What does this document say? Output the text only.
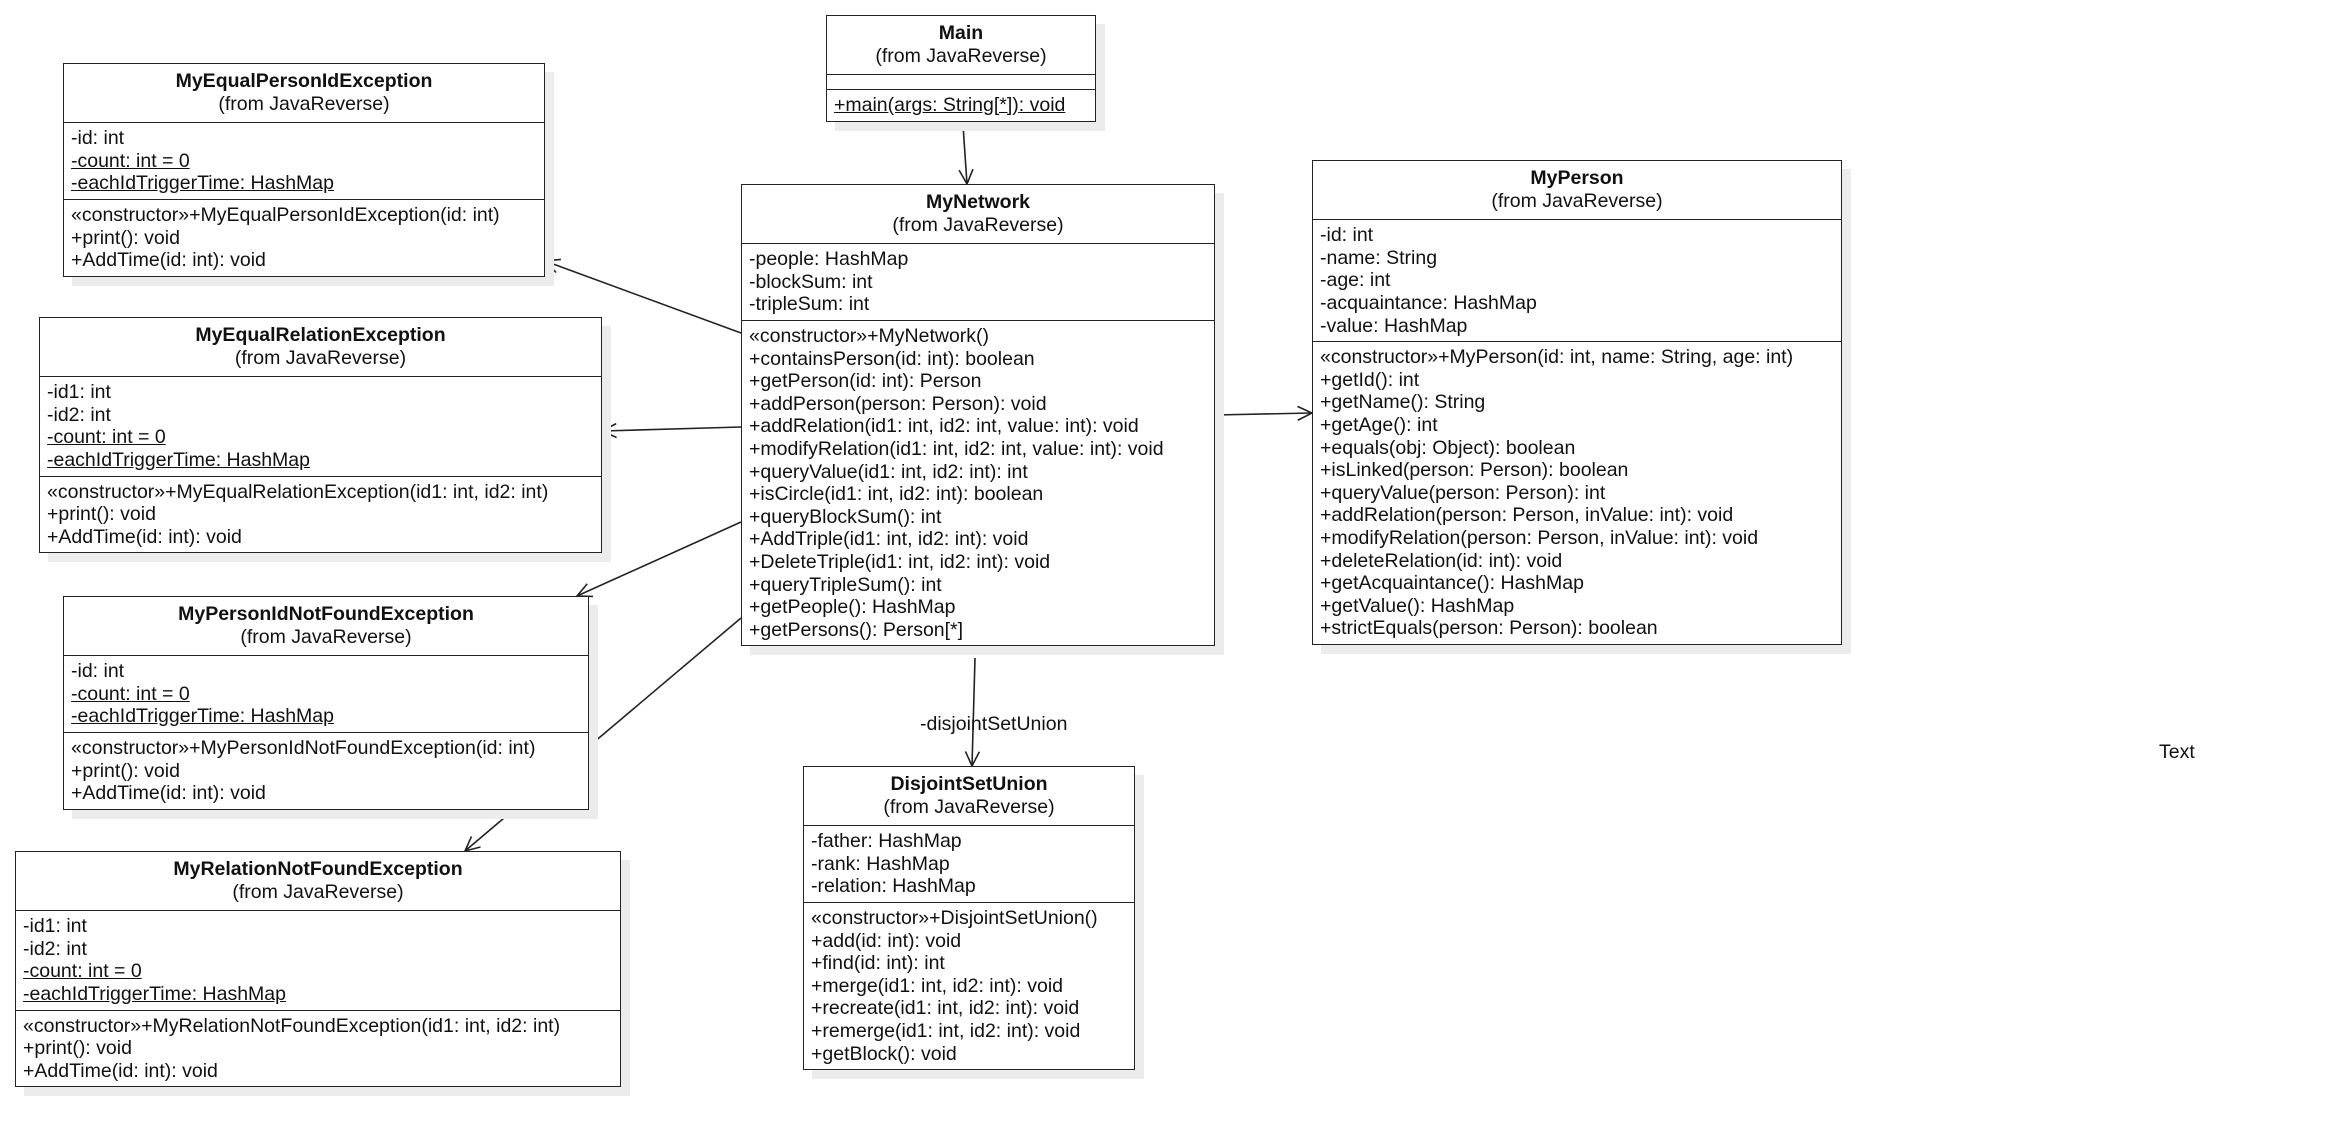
Main
(from JavaReverse)
+main(args: String[*]): void
MyNetwork
(from JavaReverse)
-people: HashMap
-blockSum: int
-tripleSum: int
«constructor»+MyNetwork()
+containsPerson(id: int): boolean
+getPerson(id: int): Person
+addPerson(person: Person): void
+addRelation(id1: int, id2: int, value: int): void
+modifyRelation(id1: int, id2: int, value: int): void
+queryValue(id1: int, id2: int): int
+isCircle(id1: int, id2: int): boolean
+queryBlockSum(): int
+AddTriple(id1: int, id2: int): void
+DeleteTriple(id1: int, id2: int): void
+queryTripleSum(): int
+getPeople(): HashMap
+getPersons(): Person[*]
MyPerson
(from JavaReverse)
-id: int
-name: String
-age: int
-acquaintance: HashMap
-value: HashMap
«constructor»+MyPerson(id: int, name: String, age: int)
+getId(): int
+getName(): String
+getAge(): int
+equals(obj: Object): boolean
+isLinked(person: Person): boolean
+queryValue(person: Person): int
+addRelation(person: Person, inValue: int): void
+modifyRelation(person: Person, inValue: int): void
+deleteRelation(id: int): void
+getAcquaintance(): HashMap
+getValue(): HashMap
+strictEquals(person: Person): boolean
MyEqualPersonIdException
(from JavaReverse)
-id: int
-count: int = 0
-eachIdTriggerTime: HashMap
«constructor»+MyEqualPersonIdException(id: int)
+print(): void
+AddTime(id: int): void
MyEqualRelationException
(from JavaReverse)
-id1: int
-id2: int
-count: int = 0
-eachIdTriggerTime: HashMap
«constructor»+MyEqualRelationException(id1: int, id2: int)
+print(): void
+AddTime(id: int): void
MyPersonIdNotFoundException
(from JavaReverse)
-id: int
-count: int = 0
-eachIdTriggerTime: HashMap
«constructor»+MyPersonIdNotFoundException(id: int)
+print(): void
+AddTime(id: int): void
MyRelationNotFoundException
(from JavaReverse)
-id1: int
-id2: int
-count: int = 0
-eachIdTriggerTime: HashMap
«constructor»+MyRelationNotFoundException(id1: int, id2: int)
+print(): void
+AddTime(id: int): void
DisjointSetUnion
(from JavaReverse)
-father: HashMap
-rank: HashMap
-relation: HashMap
«constructor»+DisjointSetUnion()
+add(id: int): void
+find(id: int): int
+merge(id1: int, id2: int): void
+recreate(id1: int, id2: int): void
+remerge(id1: int, id2: int): void
+getBlock(): void
-disjointSetUnion
Text
